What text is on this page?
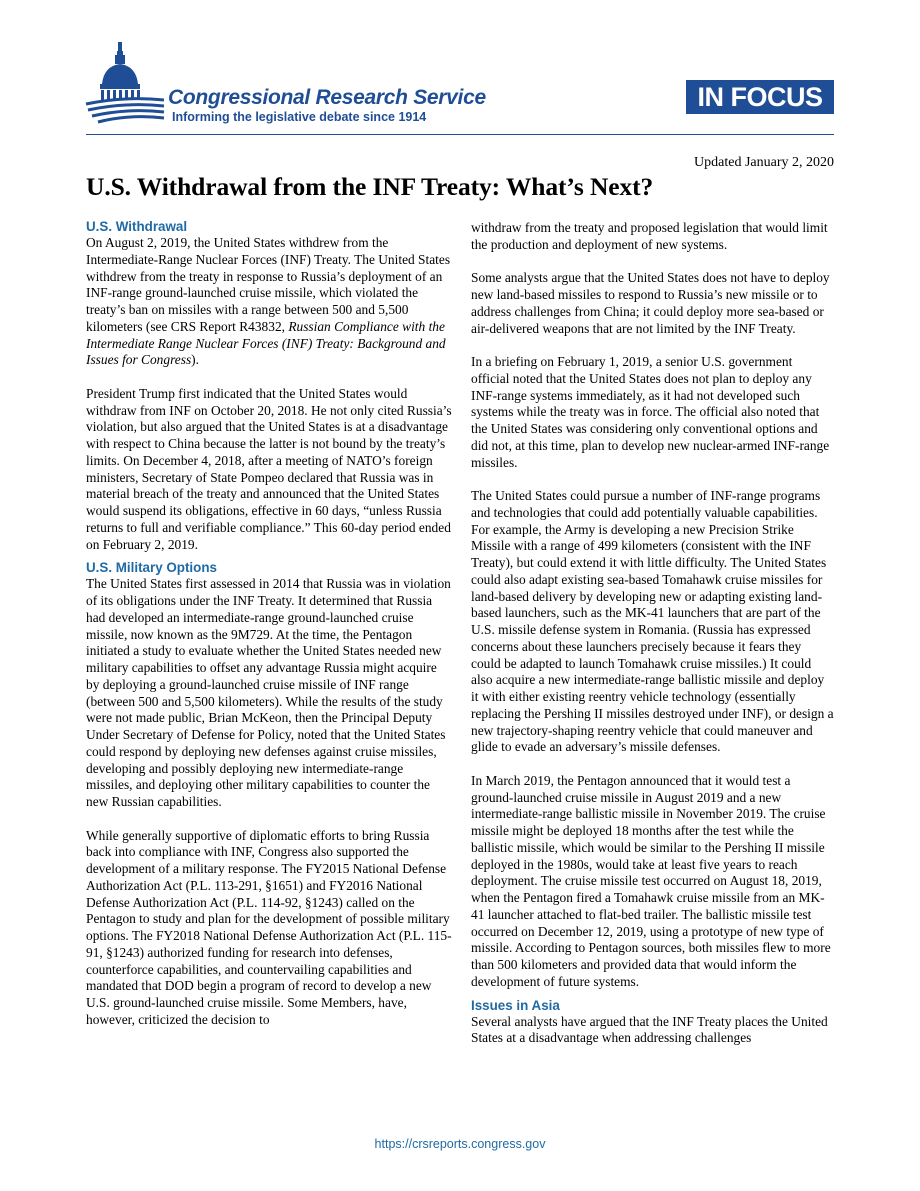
Congressional Research Service
Informing the legislative debate since 1914
IN FOCUS
Updated January 2, 2020
U.S. Withdrawal from the INF Treaty: What’s Next?
U.S. Withdrawal

On August 2, 2019, the United States withdrew from the Intermediate-Range Nuclear Forces (INF) Treaty. The United States withdrew from the treaty in response to Russia’s deployment of an INF-range ground-launched cruise missile, which violated the treaty’s ban on missiles with a range between 500 and 5,500 kilometers (see CRS Report R43832, Russian Compliance with the Intermediate Range Nuclear Forces (INF) Treaty: Background and Issues for Congress).

President Trump first indicated that the United States would withdraw from INF on October 20, 2018. He not only cited Russia’s violation, but also argued that the United States is at a disadvantage with respect to China because the latter is not bound by the treaty’s limits. On December 4, 2018, after a meeting of NATO’s foreign ministers, Secretary of State Pompeo declared that Russia was in material breach of the treaty and announced that the United States would suspend its obligations, effective in 60 days, “unless Russia returns to full and verifiable compliance.” This 60-day period ended on February 2, 2019.

U.S. Military Options

The United States first assessed in 2014 that Russia was in violation of its obligations under the INF Treaty. It determined that Russia had developed an intermediate-range ground-launched cruise missile, now known as the 9M729. At the time, the Pentagon initiated a study to evaluate whether the United States needed new military capabilities to offset any advantage Russia might acquire by deploying a ground-launched cruise missile of INF range (between 500 and 5,500 kilometers). While the results of the study were not made public, Brian McKeon, then the Principal Deputy Under Secretary of Defense for Policy, noted that the United States could respond by deploying new defenses against cruise missiles, developing and possibly deploying new intermediate-range missiles, and deploying other military capabilities to counter the new Russian capabilities.

While generally supportive of diplomatic efforts to bring Russia back into compliance with INF, Congress also supported the development of a military response. The FY2015 National Defense Authorization Act (P.L. 113-291, §1651) and FY2016 National Defense Authorization Act (P.L. 114-92, §1243) called on the Pentagon to study and plan for the development of possible military options. The FY2018 National Defense Authorization Act (P.L. 115-91, §1243) authorized funding for research into defenses, counterforce capabilities, and countervailing capabilities and mandated that DOD begin a program of record to develop a new U.S. ground-launched cruise missile. Some Members, have, however, criticized the decision to

withdraw from the treaty and proposed legislation that would limit the production and deployment of new systems.

Some analysts argue that the United States does not have to deploy new land-based missiles to respond to Russia’s new missile or to address challenges from China; it could deploy more sea-based or air-delivered weapons that are not limited by the INF Treaty.

In a briefing on February 1, 2019, a senior U.S. government official noted that the United States does not plan to deploy any INF-range systems immediately, as it had not developed such systems while the treaty was in force. The official also noted that the United States was considering only conventional options and did not, at this time, plan to develop new nuclear-armed INF-range missiles.

The United States could pursue a number of INF-range programs and technologies that could add potentially valuable capabilities. For example, the Army is developing a new Precision Strike Missile with a range of 499 kilometers (consistent with the INF Treaty), but could extend it with little difficulty. The United States could also adapt existing sea-based Tomahawk cruise missiles for land-based delivery by developing new or adapting existing land-based launchers, such as the MK-41 launchers that are part of the U.S. missile defense system in Romania. (Russia has expressed concerns about these launchers precisely because it fears they could be adapted to launch Tomahawk cruise missiles.) It could also acquire a new intermediate-range ballistic missile and deploy it with either existing reentry vehicle technology (essentially replacing the Pershing II missiles destroyed under INF), or design a new trajectory-shaping reentry vehicle that could maneuver and glide to evade an adversary’s missile defenses.

In March 2019, the Pentagon announced that it would test a ground-launched cruise missile in August 2019 and a new intermediate-range ballistic missile in November 2019. The cruise missile might be deployed 18 months after the test while the ballistic missile, which would be similar to the Pershing II missile deployed in the 1980s, would take at least five years to reach deployment. The cruise missile test occurred on August 18, 2019, when the Pentagon fired a Tomahawk cruise missile from an MK-41 launcher attached to flat-bed trailer. The ballistic missile test occurred on December 12, 2019, using a prototype of new type of missile. According to Pentagon sources, both missiles flew to more than 500 kilometers and provided data that would inform the development of future systems.

Issues in Asia

Several analysts have argued that the INF Treaty places the United States at a disadvantage when addressing challenges

https://crsreports.congress.gov
